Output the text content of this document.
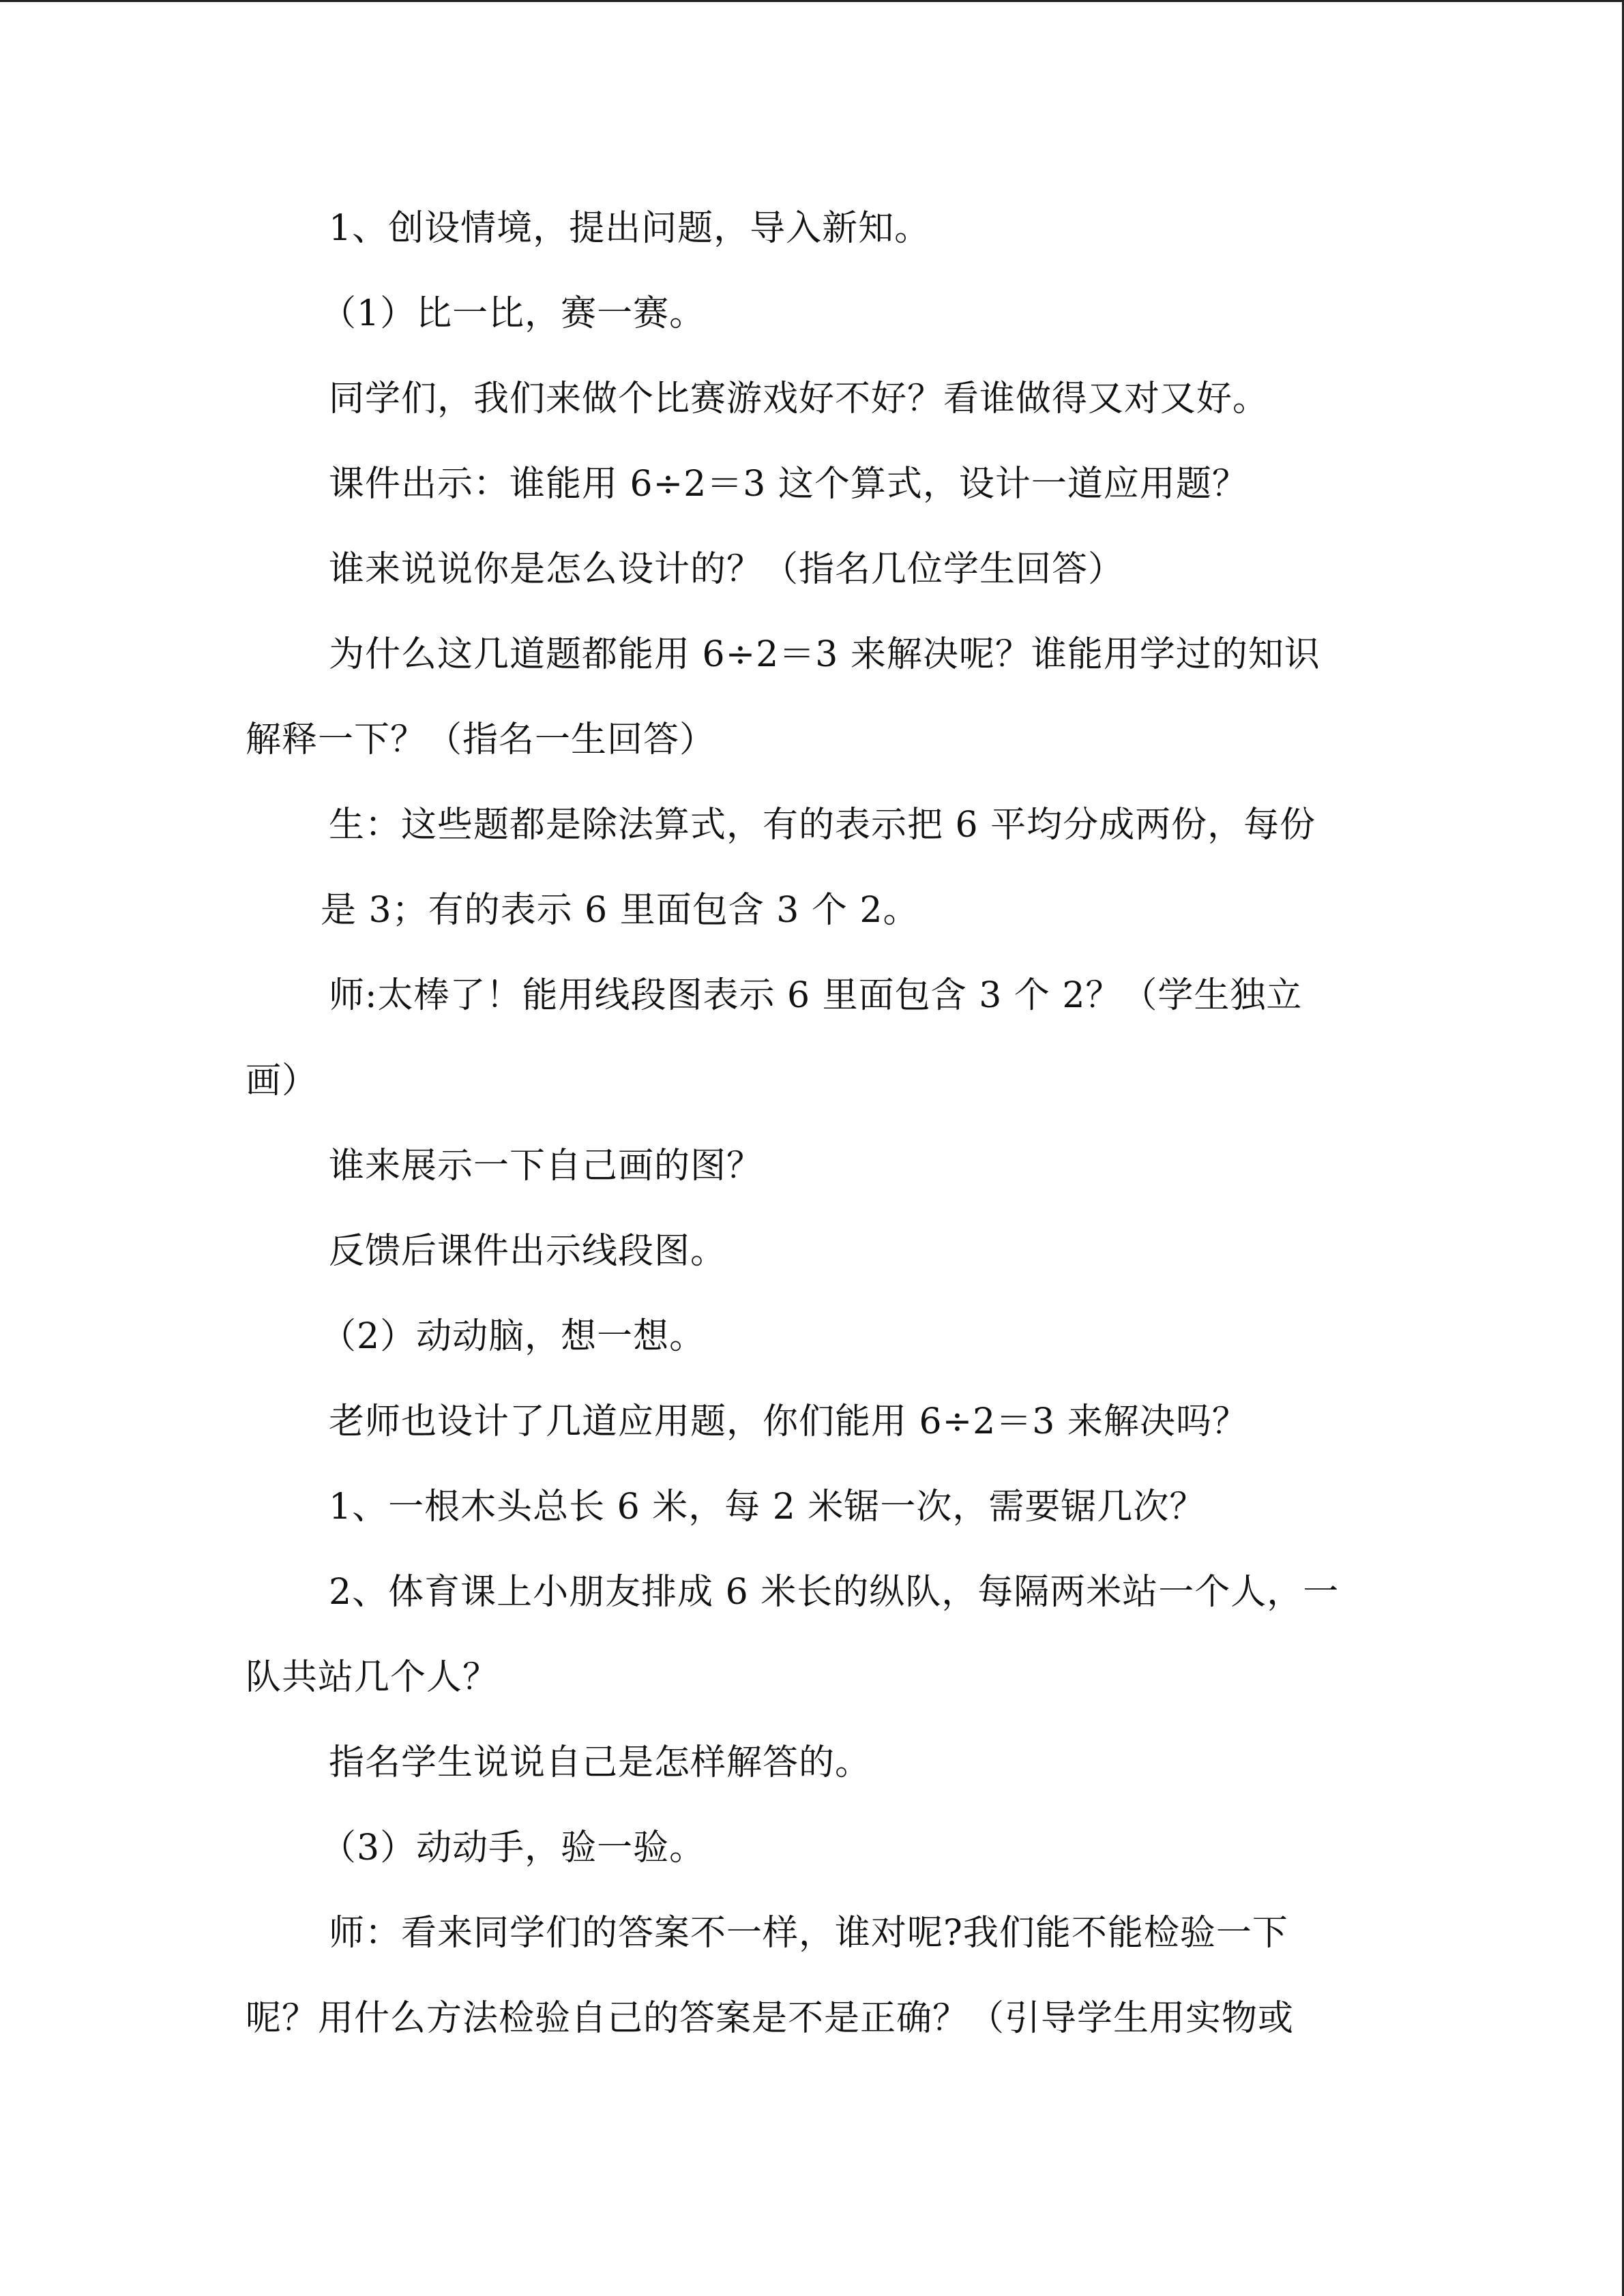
1、创设情境，提出问题，导入新知。
（1）比一比，赛一赛。
同学们，我们来做个比赛游戏好不好？看谁做得又对又好。
课件出示：谁能用 6÷2＝3 这个算式，设计一道应用题？
谁来说说你是怎么设计的？（指名几位学生回答）
为什么这几道题都能用 6÷2＝3 来解决呢？谁能用学过的知识
解释一下？（指名一生回答）
生：这些题都是除法算式，有的表示把 6 平均分成两份，每份
是 3；有的表示 6 里面包含 3 个 2。
师:太棒了！能用线段图表示 6 里面包含 3 个 2？（学生独立
画）
谁来展示一下自己画的图？
反馈后课件出示线段图。
（2）动动脑，想一想。
老师也设计了几道应用题，你们能用 6÷2＝3 来解决吗？
1、一根木头总长 6 米，每 2 米锯一次，需要锯几次？
2、体育课上小朋友排成 6 米长的纵队，每隔两米站一个人，一
队共站几个人？
指名学生说说自己是怎样解答的。
（3）动动手，验一验。
师：看来同学们的答案不一样，谁对呢?我们能不能检验一下
呢？用什么方法检验自己的答案是不是正确？（引导学生用实物或
